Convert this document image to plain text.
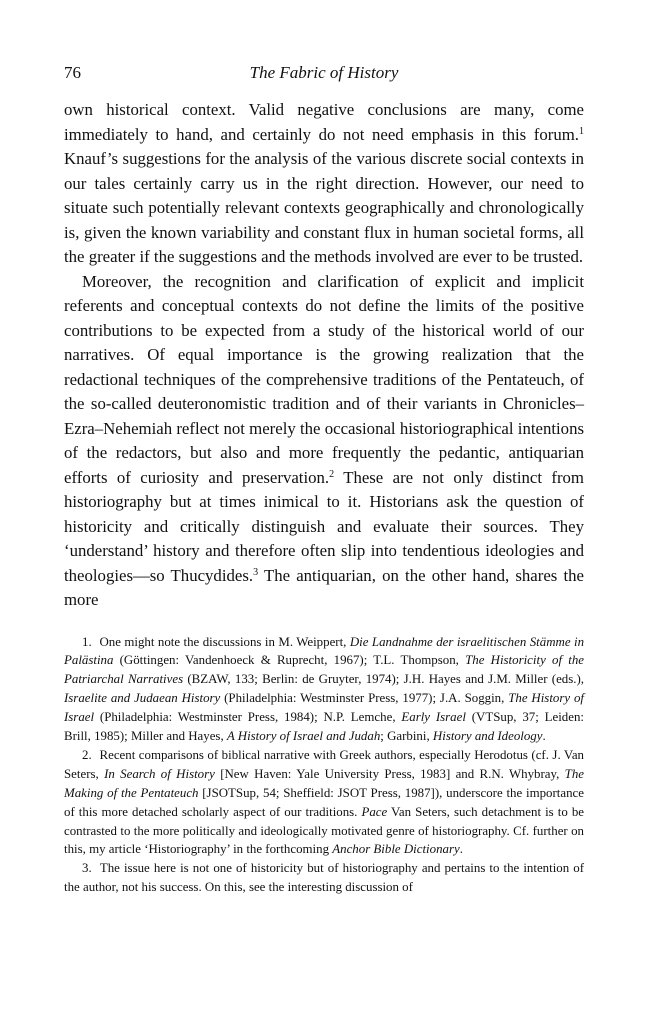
76	The Fabric of History

own historical context. Valid negative conclusions are many, come immediately to hand, and certainly do not need emphasis in this forum.$^1$ Knauf’s suggestions for the analysis of the various discrete social contexts in our tales certainly carry us in the right direction. However, our need to situate such potentially relevant contexts geographically and chronologically is, given the known variability and constant flux in human societal forms, all the greater if the suggestions and the methods involved are ever to be trusted.

Moreover, the recognition and clarification of explicit and implicit referents and conceptual contexts do not define the limits of the positive contributions to be expected from a study of the historical world of our narratives. Of equal importance is the growing realization that the redactional techniques of the comprehensive traditions of the Pentateuch, of the so-called deuteronomistic tradition and of their variants in Chronicles–Ezra–Nehemiah reflect not merely the occasional historiographical intentions of the redactors, but also and more frequently the pedantic, antiquarian efforts of curiosity and preservation.$^2$ These are not only distinct from historiography but at times inimical to it. Historians ask the question of historicity and critically distinguish and evaluate their sources. They ‘understand’ history and therefore often slip into tendentious ideologies and theologies—so Thucydides.$^3$ The antiquarian, on the other hand, shares the more

1. One might note the discussions in M. Weippert, Die Landnahme der israelitischen Stämme in Palästina (Göttingen: Vandenhoeck & Ruprecht, 1967); T.L. Thompson, The Historicity of the Patriarchal Narratives (BZAW, 133; Berlin: de Gruyter, 1974); J.H. Hayes and J.M. Miller (eds.), Israelite and Judaean History (Philadelphia: Westminster Press, 1977); J.A. Soggin, The History of Israel (Philadelphia: Westminster Press, 1984); N.P. Lemche, Early Israel (VTSup, 37; Leiden: Brill, 1985); Miller and Hayes, A History of Israel and Judah; Garbini, History and Ideology.

2. Recent comparisons of biblical narrative with Greek authors, especially Herodotus (cf. J. Van Seters, In Search of History [New Haven: Yale University Press, 1983] and R.N. Whybray, The Making of the Pentateuch [JSOTSup, 54; Sheffield: JSOT Press, 1987]), underscore the importance of this more detached scholarly aspect of our traditions. Pace Van Seters, such detachment is to be contrasted to the more politically and ideologically motivated genre of historiography. Cf. further on this, my article ‘Historiography’ in the forthcoming Anchor Bible Dictionary.

3. The issue here is not one of historicity but of historiography and pertains to the intention of the author, not his success. On this, see the interesting discussion of
